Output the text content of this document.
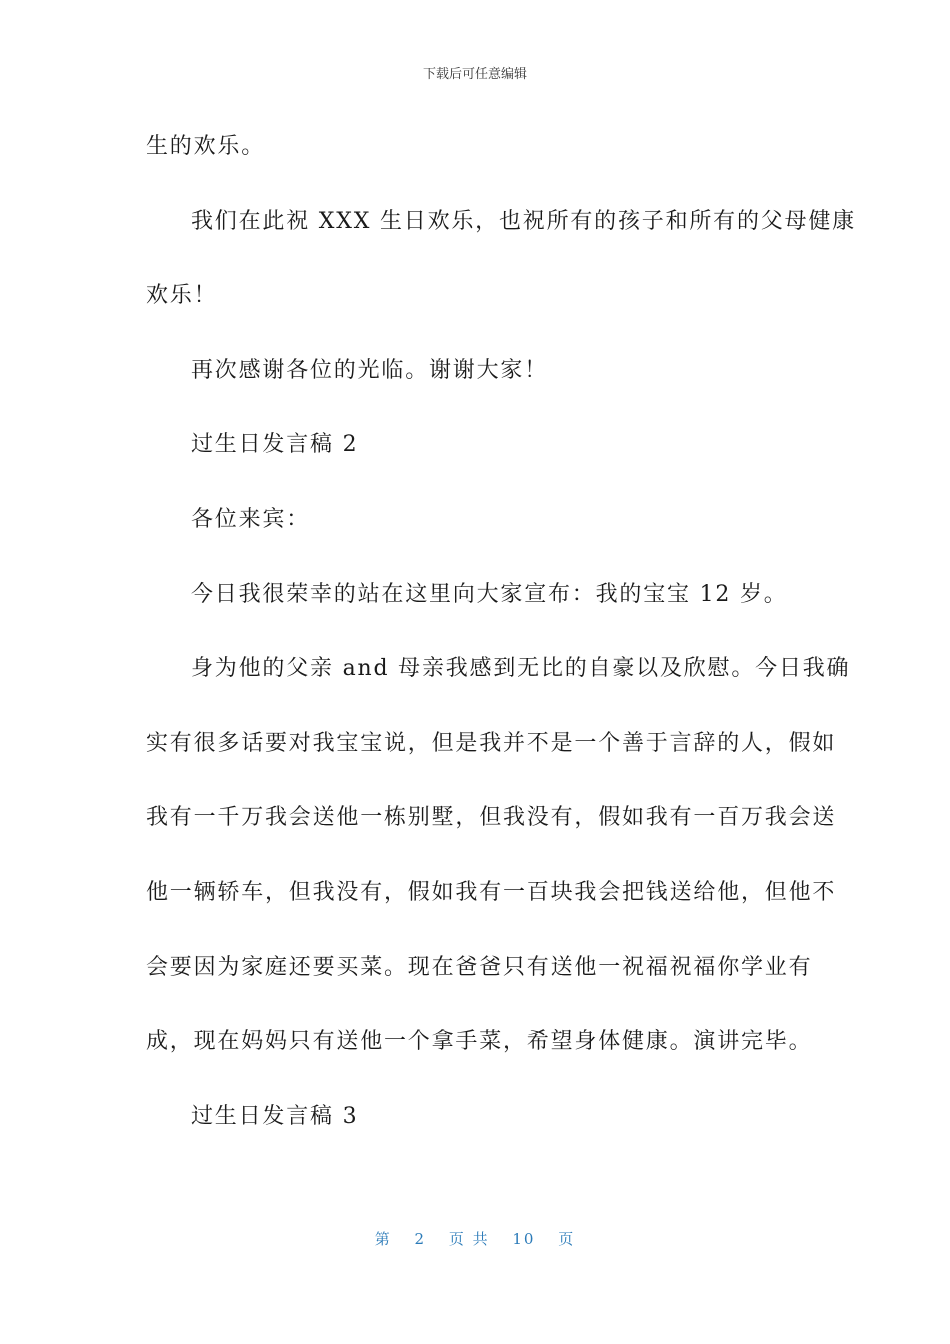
下载后可任意编辑
生的欢乐。
我们在此祝 XXX 生日欢乐，也祝所有的孩子和所有的父母健康
欢乐！
再次感谢各位的光临。谢谢大家！
过生日发言稿 2
各位来宾：
今日我很荣幸的站在这里向大家宣布：我的宝宝 12 岁。
身为他的父亲 and 母亲我感到无比的自豪以及欣慰。今日我确
实有很多话要对我宝宝说，但是我并不是一个善于言辞的人，假如
我有一千万我会送他一栋别墅，但我没有，假如我有一百万我会送
他一辆轿车，但我没有，假如我有一百块我会把钱送给他，但他不
会要因为家庭还要买菜。现在爸爸只有送他一祝福祝福你学业有
成，现在妈妈只有送他一个拿手菜，希望身体健康。演讲完毕。
过生日发言稿 3
第 2 页 共 10 页
